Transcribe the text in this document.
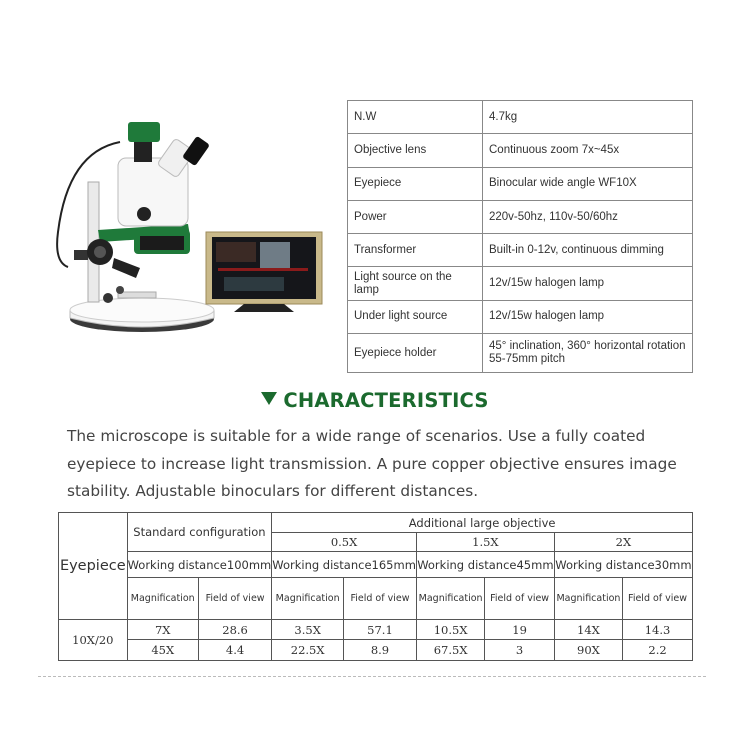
N.W	4.7kg
Objective lens	Continuous zoom 7x~45x
Eyepiece	Binocular wide angle WF10X
Power	220v-50hz, 110v-50/60hz
Transformer	Built-in 0-12v, continuous dimming
Light source on the lamp	12v/15w halogen lamp
Under light source	12v/15w halogen lamp
Eyepiece holder	45° inclination, 360° horizontal rotation
55-75mm pitch
CHARACTERISTICS

The microscope is suitable for a wide range of scenarios. Use a fully coated
eyepiece to increase light transmission. A pure copper objective ensures image
stability. Adjustable binoculars for different distances.

Eyepiece	Standard configuration		Additional large objective					
			0.5X		1.5X		2X	
	Working distance100mm		Working distance165mm		Working distance45mm		Working distance30mm	
	Magnification	Field of view	Magnification	Field of view	Magnification	Field of view	Magnification	Field of view
10X/20	7X	28.6	3.5X	57.1	10.5X	19	14X	14.3
	45X	4.4	22.5X	8.9	67.5X	3	90X	2.2
